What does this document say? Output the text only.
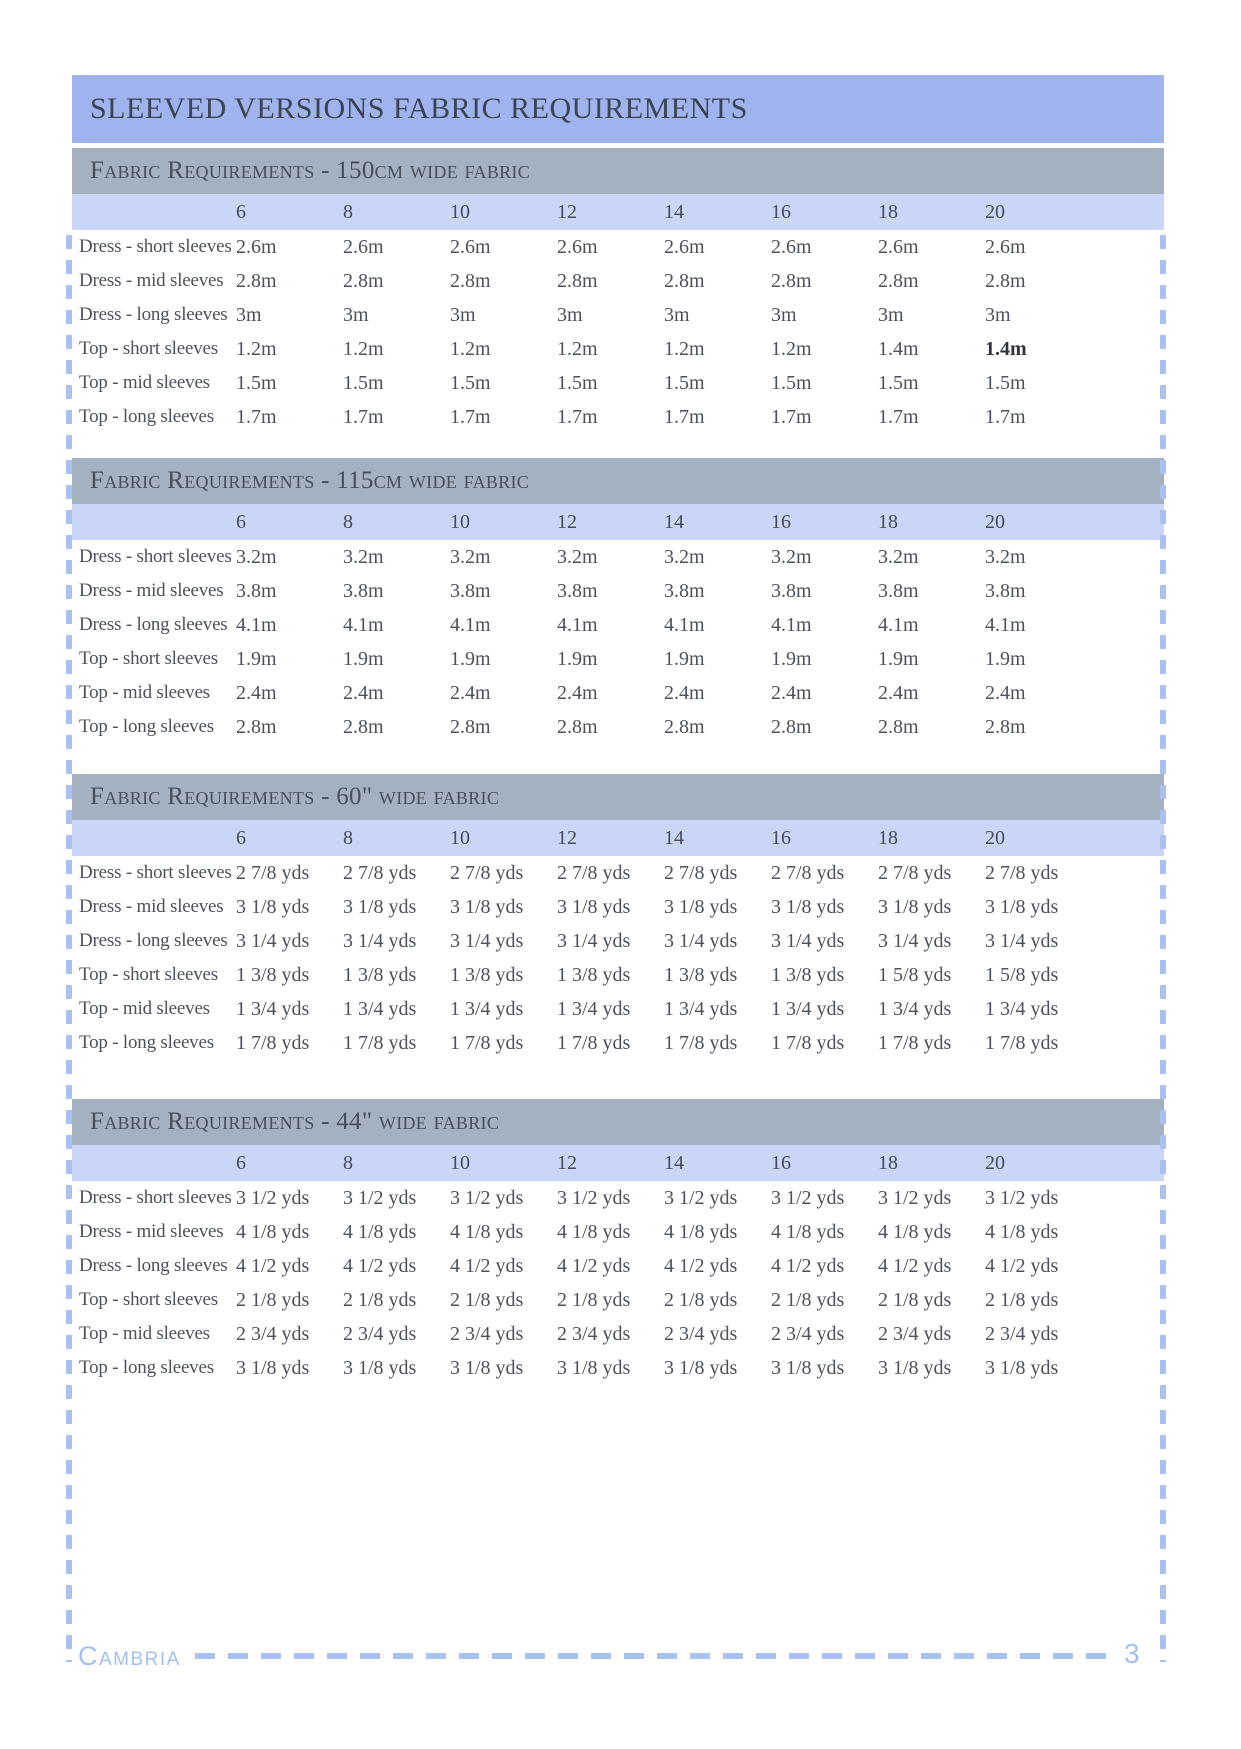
SLEEVED VERSIONS FABRIC REQUIREMENTS
Fabric Requirements - 150cm wide fabric
6	8	10	12	14	16	18	20
Dress - short sleeves 2.6m	2.6m	2.6m	2.6m	2.6m	2.6m	2.6m	2.6m
Dress - mid sleeves 2.8m	2.8m	2.8m	2.8m	2.8m	2.8m	2.8m	2.8m
Dress - long sleeves 3m	3m	3m	3m	3m	3m	3m	3m
Top - short sleeves 1.2m	1.2m	1.2m	1.2m	1.2m	1.2m	1.4m	1.4m
Top - mid sleeves	1.5m	1.5m	1.5m	1.5m	1.5m	1.5m	1.5m	1.5m
Top - long sleeves	1.7m	1.7m	1.7m	1.7m	1.7m	1.7m	1.7m	1.7m
Fabric Requirements - 115cm wide fabric
6	8	10	12	14	16	18	20
Dress - short sleeves 3.2m	3.2m	3.2m	3.2m	3.2m	3.2m	3.2m	3.2m
Dress - mid sleeves 3.8m	3.8m	3.8m	3.8m	3.8m	3.8m	3.8m	3.8m
Dress - long sleeves 4.1m	4.1m	4.1m	4.1m	4.1m	4.1m	4.1m	4.1m
Top - short sleeves 1.9m	1.9m	1.9m	1.9m	1.9m	1.9m	1.9m	1.9m
Top - mid sleeves	2.4m	2.4m	2.4m	2.4m	2.4m	2.4m	2.4m	2.4m
Top - long sleeves	2.8m	2.8m	2.8m	2.8m	2.8m	2.8m	2.8m	2.8m
Fabric Requirements - 60" wide fabric
6	8	10	12	14	16	18	20
Dress - short sleeves 2 7/8 yds	2 7/8 yds	2 7/8 yds	2 7/8 yds	2 7/8 yds	2 7/8 yds	2 7/8 yds	2 7/8 yds
Dress - mid sleeves 3 1/8 yds	3 1/8 yds	3 1/8 yds	3 1/8 yds	3 1/8 yds	3 1/8 yds	3 1/8 yds	3 1/8 yds
Dress - long sleeves 3 1/4 yds	3 1/4 yds	3 1/4 yds	3 1/4 yds	3 1/4 yds	3 1/4 yds	3 1/4 yds	3 1/4 yds
Top - short sleeves 1 3/8 yds	1 3/8 yds	1 3/8 yds	1 3/8 yds	1 3/8 yds	1 3/8 yds	1 5/8 yds	1 5/8 yds
Top - mid sleeves	1 3/4 yds	1 3/4 yds	1 3/4 yds	1 3/4 yds	1 3/4 yds	1 3/4 yds	1 3/4 yds	1 3/4 yds
Top - long sleeves	1 7/8 yds	1 7/8 yds	1 7/8 yds	1 7/8 yds	1 7/8 yds	1 7/8 yds	1 7/8 yds	1 7/8 yds
Fabric Requirements - 44" wide fabric
6	8	10	12	14	16	18	20
Dress - short sleeves 3 1/2 yds	3 1/2 yds	3 1/2 yds	3 1/2 yds	3 1/2 yds	3 1/2 yds	3 1/2 yds	3 1/2 yds
Dress - mid sleeves 4 1/8 yds	4 1/8 yds	4 1/8 yds	4 1/8 yds	4 1/8 yds	4 1/8 yds	4 1/8 yds	4 1/8 yds
Dress - long sleeves 4 1/2 yds	4 1/2 yds	4 1/2 yds	4 1/2 yds	4 1/2 yds	4 1/2 yds	4 1/2 yds	4 1/2 yds
Top - short sleeves 2 1/8 yds	2 1/8 yds	2 1/8 yds	2 1/8 yds	2 1/8 yds	2 1/8 yds	2 1/8 yds	2 1/8 yds
Top - mid sleeves	2 3/4 yds	2 3/4 yds	2 3/4 yds	2 3/4 yds	2 3/4 yds	2 3/4 yds	2 3/4 yds	2 3/4 yds
Top - long sleeves	3 1/8 yds	3 1/8 yds	3 1/8 yds	3 1/8 yds	3 1/8 yds	3 1/8 yds	3 1/8 yds	3 1/8 yds
Cambria	3
